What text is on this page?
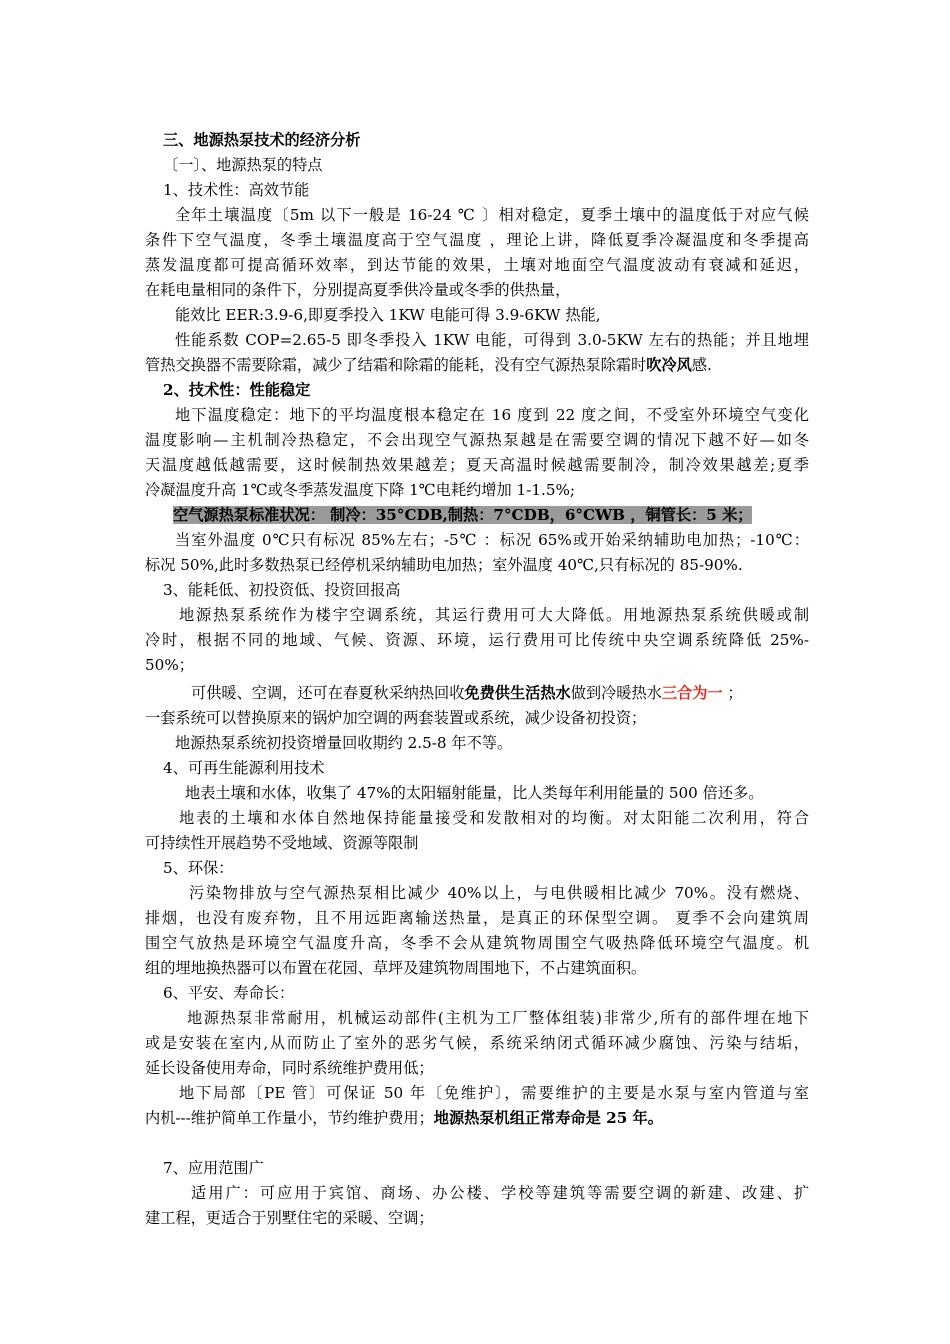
三、地源热泵技术的经济分析
〔一〕、地源热泵的特点
1、技术性：高效节能
全年土壤温度〔5m 以下一般是 16-24 ℃ 〕相对稳定，夏季土壤中的温度低于对应气候
条件下空气温度，冬季土壤温度高于空气温度 ，理论上讲，降低夏季冷凝温度和冬季提高
蒸发温度都可提高循环效率，到达节能的效果，土壤对地面空气温度波动有衰减和延迟，
在耗电量相同的条件下，分别提高夏季供冷量或冬季的供热量，
能效比 EER:3.9-6,即夏季投入 1KW 电能可得 3.9-6KW 热能,
性能系数 COP=2.65-5 即冬季投入 1KW 电能，可得到 3.0-5KW 左右的热能；并且地埋
管热交换器不需要除霜，减少了结霜和除霜的能耗，没有空气源热泵除霜时吹冷风感.
2、技术性：性能稳定
地下温度稳定：地下的平均温度根本稳定在 16 度到 22 度之间，不受室外环境空气变化
温度影响—主机制冷热稳定，不会出现空气源热泵越是在需要空调的情况下越不好—如冬
天温度越低越需要，这时候制热效果越差；夏天高温时候越需要制冷，制冷效果越差;夏季
冷凝温度升高 1℃或冬季蒸发温度下降 1℃电耗约增加 1-1.5%;
空气源热泵标准状况： 制冷：35°CDB,制热：7°CDB，6°CWB ，铜管长：5 米；
当室外温度 0℃只有标况 85%左右；-5℃ ：标况 65%或开始采纳辅助电加热；-10℃：
标况 50%,此时多数热泵已经停机采纳辅助电加热；室外温度 40℃,只有标况的 85-90%.
3、能耗低、初投资低、投资回报高
地源热泵系统作为楼宇空调系统，其运行费用可大大降低。用地源热泵系统供暖或制
冷时，根据不同的地域、气候、资源、环境，运行费用可比传统中央空调系统降低 25%-
50%；
可供暖、空调，还可在春夏秋采纳热回收免费供生活热水做到冷暖热水三合为一 ；
一套系统可以替换原来的锅炉加空调的两套装置或系统，减少设备初投资；
地源热泵系统初投资增量回收期约 2.5-8 年不等。
4、可再生能源利用技术
地表土壤和水体，收集了 47%的太阳辐射能量，比人类每年利用能量的 500 倍还多。
地表的土壤和水体自然地保持能量接受和发散相对的均衡。对太阳能二次利用，符合
可持续性开展趋势不受地域、资源等限制
5、环保：
污染物排放与空气源热泵相比减少 40%以上，与电供暖相比减少 70%。没有燃烧、
排烟，也没有废弃物，且不用远距离输送热量，是真正的环保型空调。 夏季不会向建筑周
围空气放热是环境空气温度升高，冬季不会从建筑物周围空气吸热降低环境空气温度。机
组的埋地换热器可以布置在花园、草坪及建筑物周围地下，不占建筑面积。
6、平安、寿命长：
地源热泵非常耐用，机械运动部件(主机为工厂整体组装)非常少,所有的部件埋在地下
或是安装在室内,从而防止了室外的恶劣气候，系统采纳闭式循环减少腐蚀、污染与结垢，
延长设备使用寿命，同时系统维护费用低；
地下局部〔PE 管〕可保证 50 年〔免维护〕，需要维护的主要是水泵与室内管道与室
内机---维护简单工作量小，节约维护费用；地源热泵机组正常寿命是 25 年。
7、应用范围广
适用广：可应用于宾馆、商场、办公楼、学校等建筑等需要空调的新建、改建、扩
建工程，更适合于别墅住宅的采暖、空调；
